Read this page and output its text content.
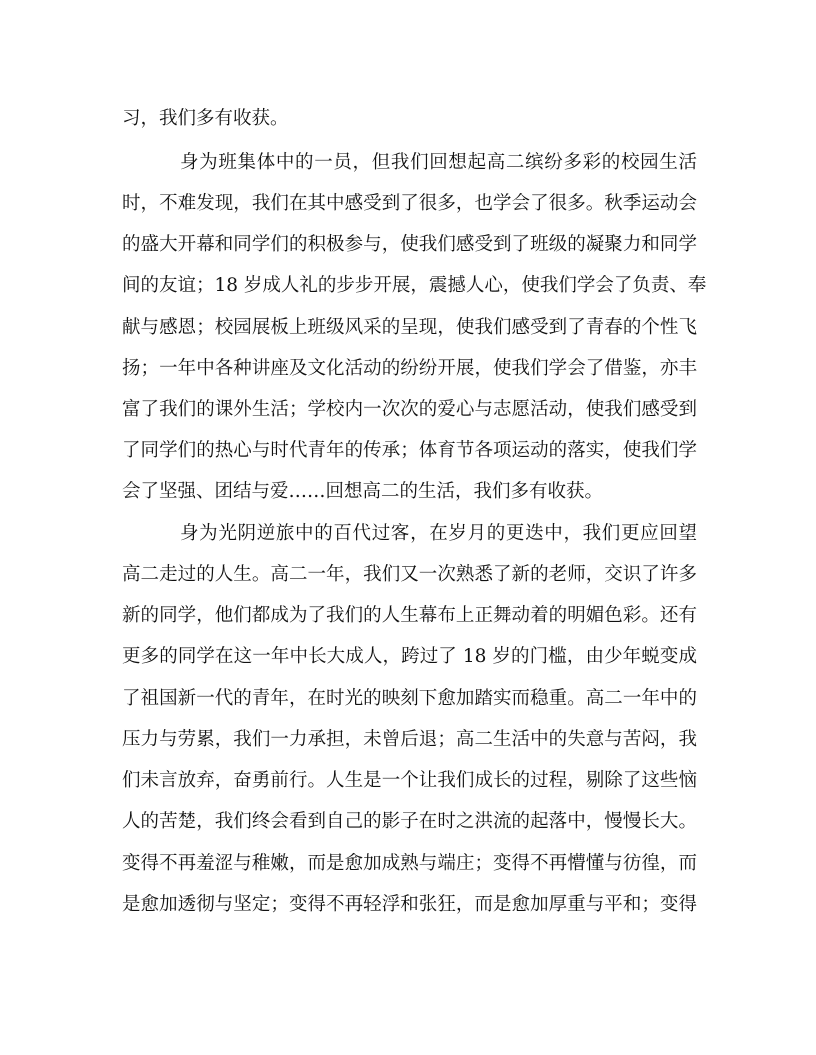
习，我们多有收获。
身为班集体中的一员，但我们回想起高二缤纷多彩的校园生活
时，不难发现，我们在其中感受到了很多，也学会了很多。秋季运动会
的盛大开幕和同学们的积极参与，使我们感受到了班级的凝聚力和同学
间的友谊；18 岁成人礼的步步开展，震撼人心，使我们学会了负责、奉
献与感恩；校园展板上班级风采的呈现，使我们感受到了青春的个性飞
扬；一年中各种讲座及文化活动的纷纷开展，使我们学会了借鉴，亦丰
富了我们的课外生活；学校内一次次的爱心与志愿活动，使我们感受到
了同学们的热心与时代青年的传承；体育节各项运动的落实，使我们学
会了坚强、团结与爱……回想高二的生活，我们多有收获。
身为光阴逆旅中的百代过客，在岁月的更迭中，我们更应回望
高二走过的人生。高二一年，我们又一次熟悉了新的老师，交识了许多
新的同学，他们都成为了我们的人生幕布上正舞动着的明媚色彩。还有
更多的同学在这一年中长大成人，跨过了 18 岁的门槛，由少年蜕变成
了祖国新一代的青年，在时光的映刻下愈加踏实而稳重。高二一年中的
压力与劳累，我们一力承担，未曾后退；高二生活中的失意与苦闷，我
们未言放弃，奋勇前行。人生是一个让我们成长的过程，剔除了这些恼
人的苦楚，我们终会看到自己的影子在时之洪流的起落中，慢慢长大。
变得不再羞涩与稚嫩，而是愈加成熟与端庄；变得不再懵懂与彷徨，而
是愈加透彻与坚定；变得不再轻浮和张狂，而是愈加厚重与平和；变得
